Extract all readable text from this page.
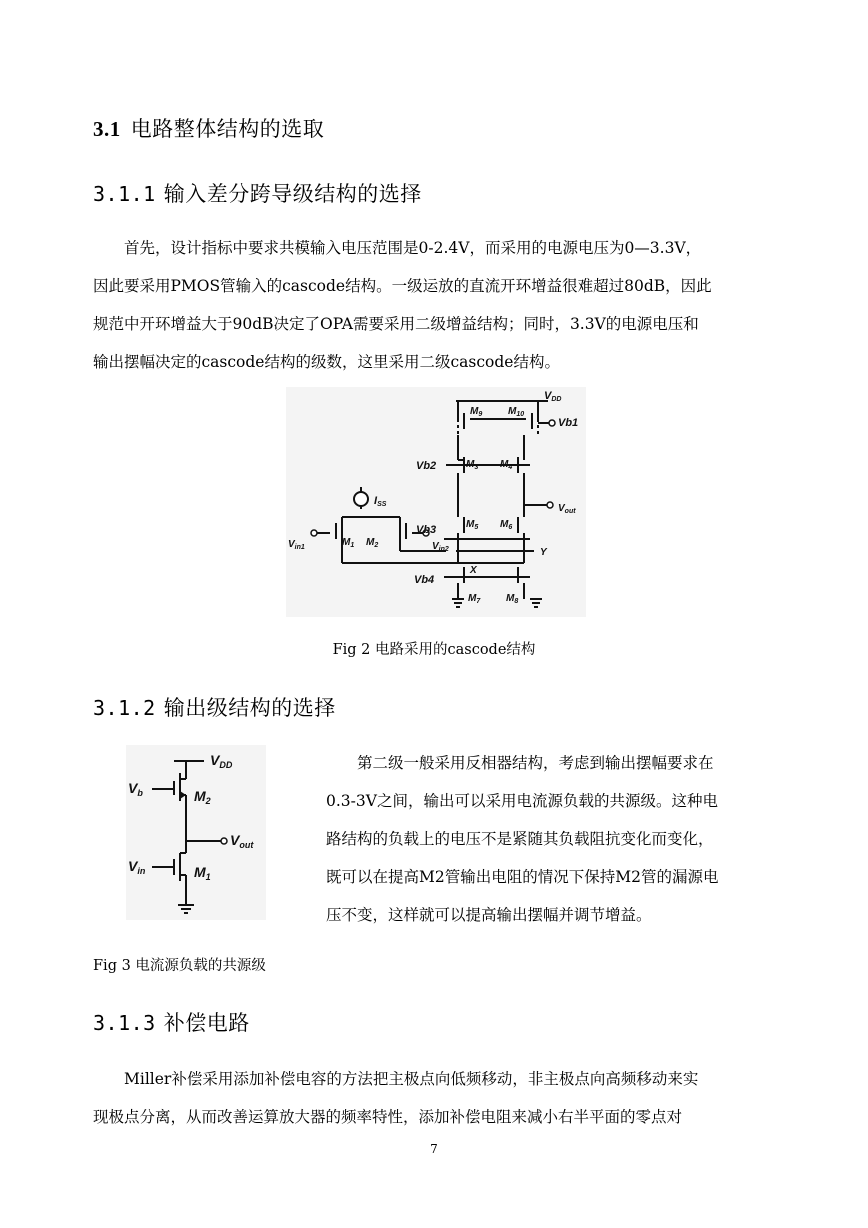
3.1 电路整体结构的选取
3.1.1 输入差分跨导级结构的选择

首先，设计指标中要求共模输入电压范围是0-2.4V，而采用的电源电压为0—3.3V，

因此要采用PMOS管输入的cascode结构。一级运放的直流开环增益很难超过80dB，因此

规范中开环增益大于90dB决定了OPA需要采用二级增益结构；同时，3.3V的电源电压和

输出摆幅决定的cascode结构的级数，这里采用二级cascode结构。

VDD
Vb1
Vb2
Vb3
Vb4
ISS
$V_{in1}$	$V_{in2}$
$V_{out}$
X
Y
$M_1$ $M_2$
$M_3$ $M_4$
$M_5$ $M_6$
$M_7$	$M_8$
$M_9$	$M_{10}$
Fig 2 电路采用的cascode结构
3.1.2 输出级结构的选择
$V_{DD}$
$V_b$
$V_{in}$
$V_{out}$
$M_2$
$M_1$

第二级一般采用反相器结构，考虑到输出摆幅要求在

0.3-3V之间，输出可以采用电流源负载的共源级。这种电

路结构的负载上的电压不是紧随其负载阻抗变化而变化，

既可以在提高M2管输出电阻的情况下保持M2管的漏源电

压不变，这样就可以提高输出摆幅并调节增益。

Fig 3 电流源负载的共源级
3.1.3 补偿电路

Miller补偿采用添加补偿电容的方法把主极点向低频移动，非主极点向高频移动来实

现极点分离，从而改善运算放大器的频率特性，添加补偿电阻来减小右半平面的零点对

7
